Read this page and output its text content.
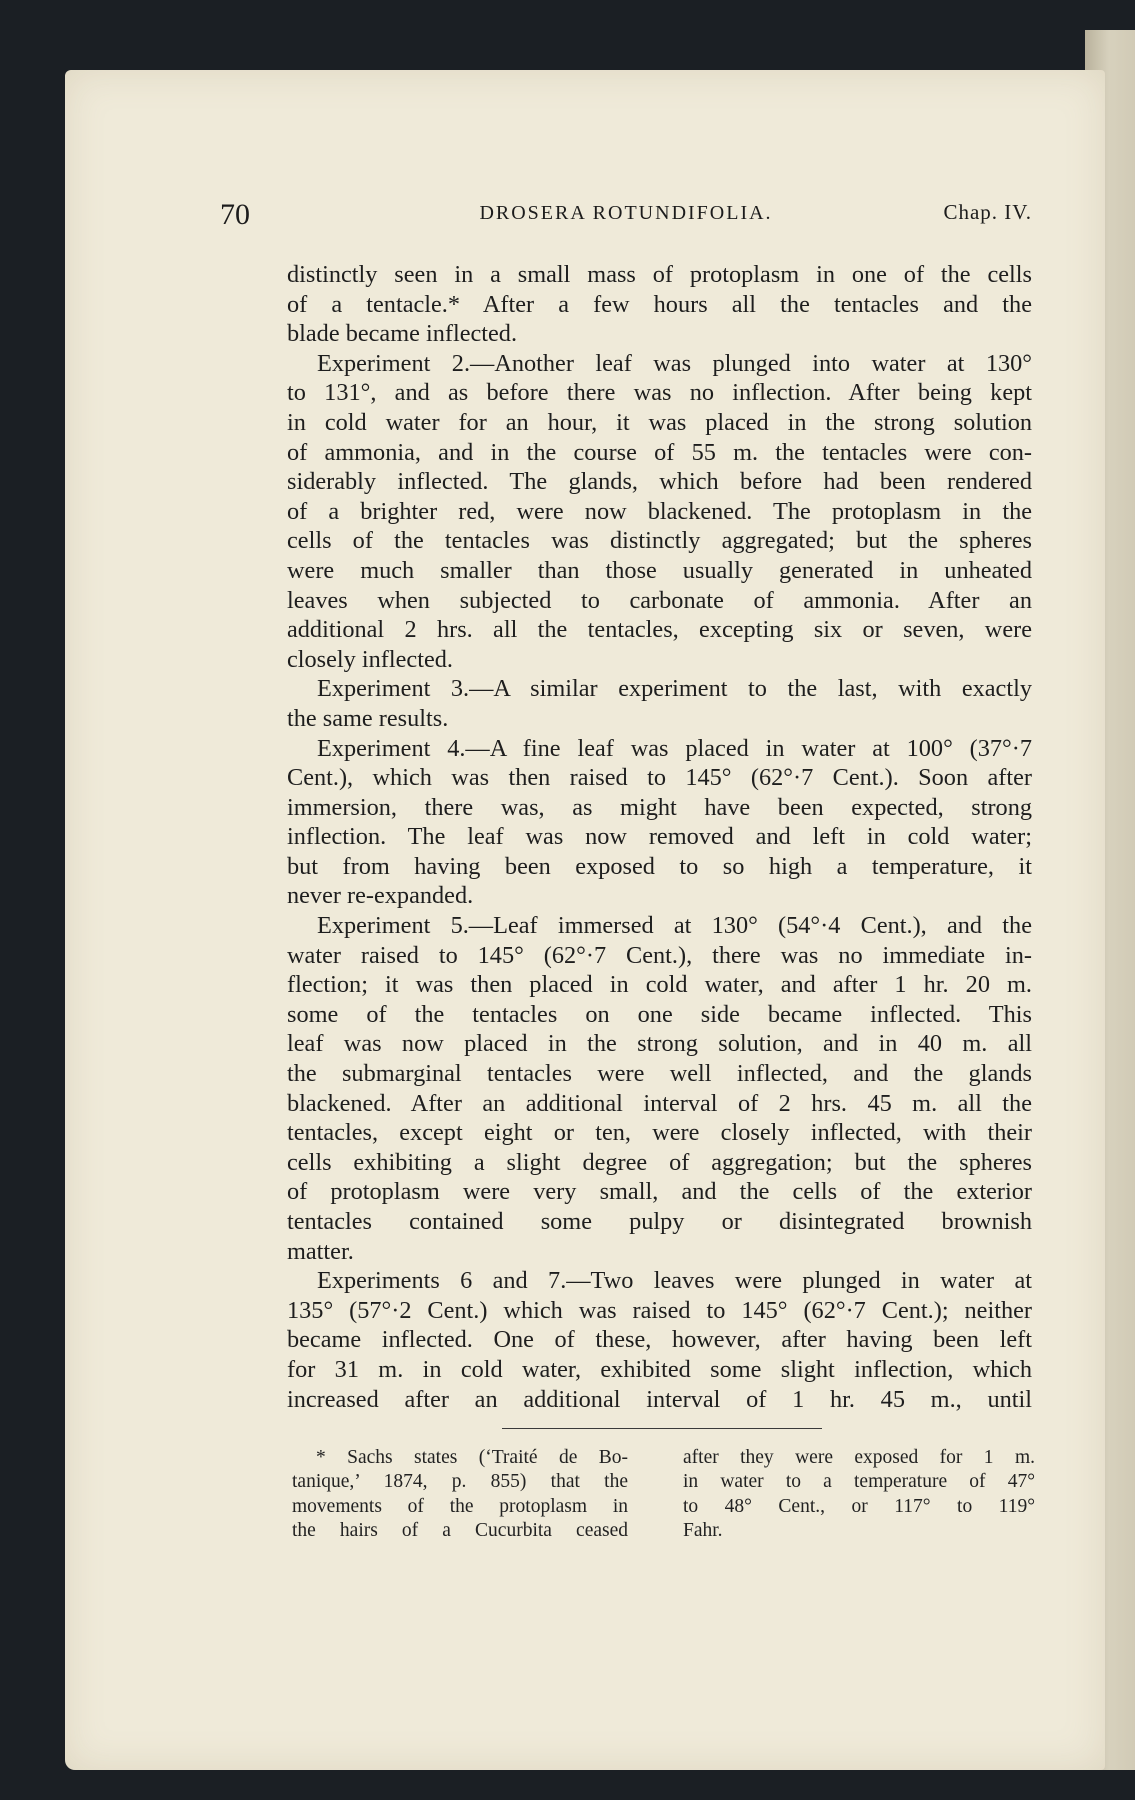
70	DROSERA ROTUNDIFOLIA.	Chap. IV.
distinctly seen in a small mass of protoplasm in one of the cells
of a tentacle.* After a few hours all the tentacles and the
blade became inflected.
Experiment 2.—Another leaf was plunged into water at 130°
to 131°, and as before there was no inflection. After being kept
in cold water for an hour, it was placed in the strong solution
of ammonia, and in the course of 55 m. the tentacles were con-
siderably inflected. The glands, which before had been rendered
of a brighter red, were now blackened. The protoplasm in the
cells of the tentacles was distinctly aggregated; but the spheres
were much smaller than those usually generated in unheated
leaves when subjected to carbonate of ammonia. After an
additional 2 hrs. all the tentacles, excepting six or seven, were
closely inflected.
Experiment 3.—A similar experiment to the last, with exactly
the same results.
Experiment 4.—A fine leaf was placed in water at 100° (37°·7
Cent.), which was then raised to 145° (62°·7 Cent.). Soon after
immersion, there was, as might have been expected, strong
inflection. The leaf was now removed and left in cold water;
but from having been exposed to so high a temperature, it
never re-expanded.
Experiment 5.—Leaf immersed at 130° (54°·4 Cent.), and the
water raised to 145° (62°·7 Cent.), there was no immediate in-
flection; it was then placed in cold water, and after 1 hr. 20 m.
some of the tentacles on one side became inflected. This
leaf was now placed in the strong solution, and in 40 m. all
the submarginal tentacles were well inflected, and the glands
blackened. After an additional interval of 2 hrs. 45 m. all the
tentacles, except eight or ten, were closely inflected, with their
cells exhibiting a slight degree of aggregation; but the spheres
of protoplasm were very small, and the cells of the exterior
tentacles contained some pulpy or disintegrated brownish
matter.
Experiments 6 and 7.—Two leaves were plunged in water at
135° (57°·2 Cent.) which was raised to 145° (62°·7 Cent.); neither
became inflected. One of these, however, after having been left
for 31 m. in cold water, exhibited some slight inflection, which
increased after an additional interval of 1 hr. 45 m., until
* Sachs states (‘Traité de Bo-
tanique,’ 1874, p. 855) that the
movements of the protoplasm in
the hairs of a Cucurbita ceased
after they were exposed for 1 m.
in water to a temperature of 47°
to 48° Cent., or 117° to 119°
Fahr.
